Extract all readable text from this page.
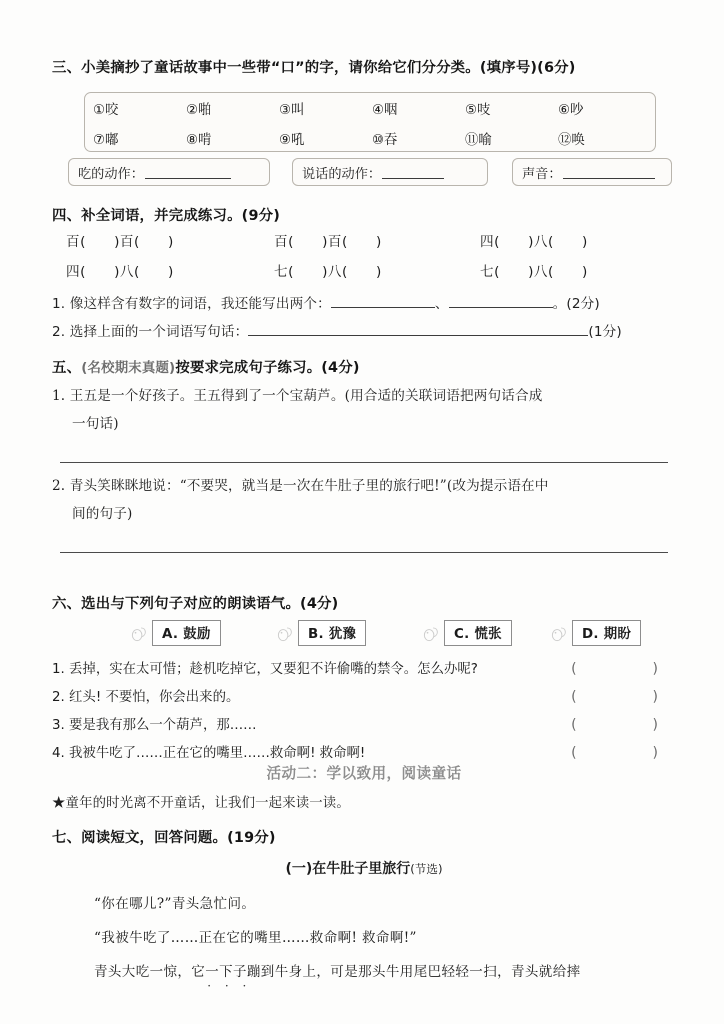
三、小美摘抄了童话故事中一些带“口”的字，请你给它们分分类。(填序号)(6分)
①咬	②啪	③叫	④咽	⑤吱	⑥吵
⑦嘟	⑧啃	⑨吼	⑩吞	⑪喻	⑫唤
吃的动作：	说话的动作：	声音：
四、补全词语，并完成练习。(9分)
百(　　)百(　　)	百(　　)百(　　)	四(　　)八(　　)
四(　　)八(　　)	七(　　)八(　　)	七(　　)八(　　)
1. 像这样含有数字的词语，我还能写出两个：	、	。(2分)
2. 选择上面的一个词语写句话：	(1分)
五、(名校期末真题)按要求完成句子练习。(4分)
1. 王五是一个好孩子。王五得到了一个宝葫芦。(用合适的关联词语把两句话合成
一句话)
2. 青头笑眯眯地说：“不要哭，就当是一次在牛肚子里的旅行吧!”(改为提示语在中
间的句子)
六、选出与下列句子对应的朗读语气。(4分)
A. 鼓励	B. 犹豫	C. 慌张	D. 期盼
1. 丢掉，实在太可惜；趁机吃掉它，又要犯不许偷嘴的禁令。怎么办呢?	(　　)
2. 红头! 不要怕，你会出来的。	(　　)
3. 要是我有那么一个葫芦，那……	(　　)
4. 我被牛吃了……正在它的嘴里……救命啊! 救命啊!	(　　)
活动二：学以致用，阅读童话
★童年的时光离不开童话，让我们一起来读一读。
七、阅读短文，回答问题。(19分)
(一)在牛肚子里旅行(节选)
“你在哪儿?”青头急忙问。
“我被牛吃了……正在它的嘴里……救命啊! 救命啊!”
青头大吃一惊，它一下子 · · ·蹦到牛身上，可是那头牛用尾巴轻轻一扫，青头就给摔
